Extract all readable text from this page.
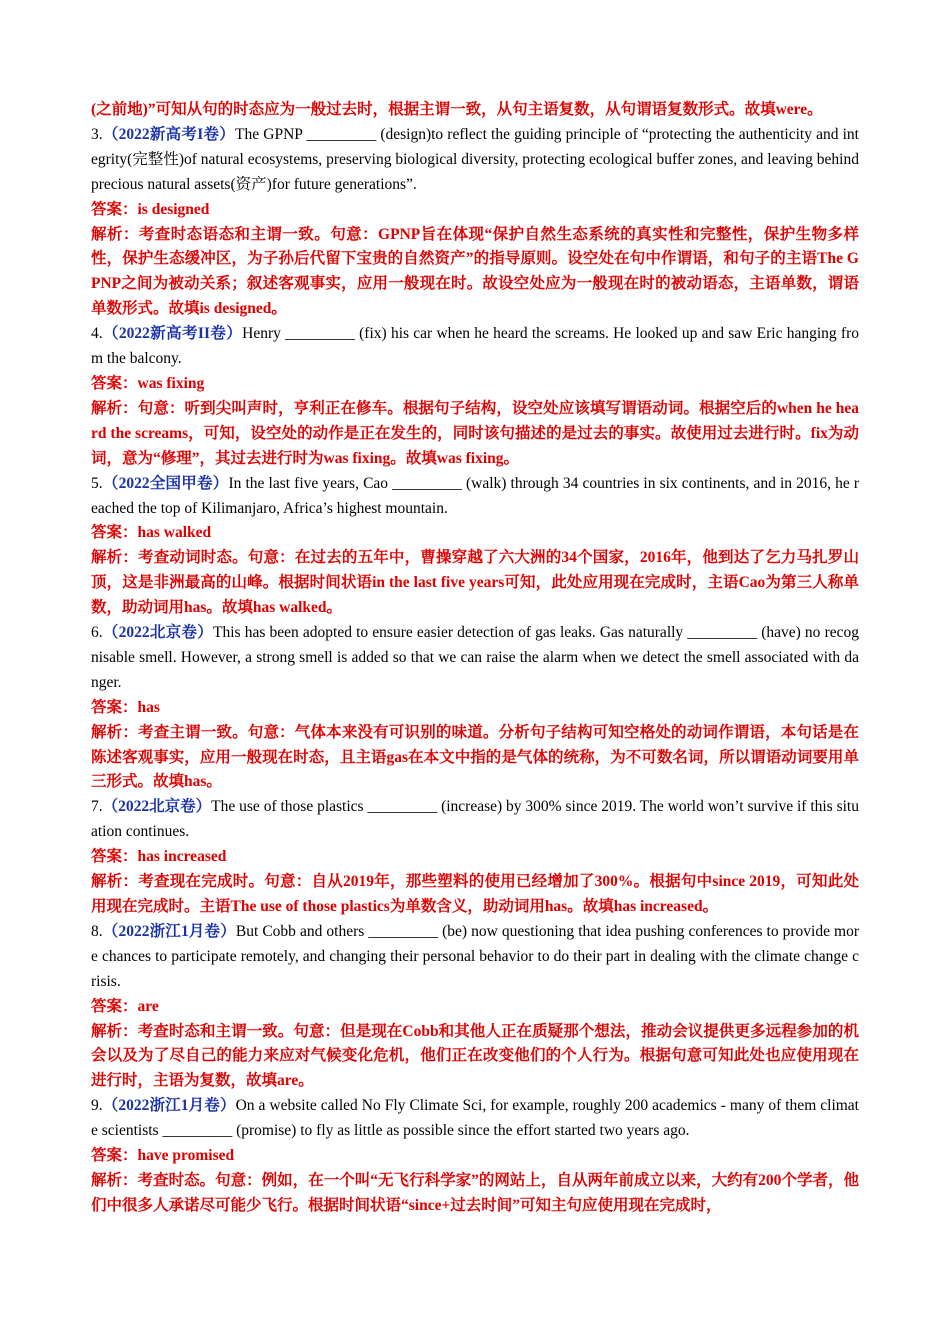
(之前地)”可知从句的时态应为一般过去时，根据主谓一致，从句主语复数，从句谓语复数形式。故填were。

3.（2022新高考I卷）The GPNP _________ (design)to reflect the guiding principle of “protecting the authenticity and integrity(完整性)of natural ecosystems, preserving biological diversity, protecting ecological buffer zones, and leaving behind precious natural assets(资产)for future generations”.

答案：is designed

解析：考查时态语态和主谓一致。句意：GPNP旨在体现“保护自然生态系统的真实性和完整性，保护生物多样性，保护生态缓冲区，为子孙后代留下宝贵的自然资产”的指导原则。设空处在句中作谓语，和句子的主语The GPNP之间为被动关系；叙述客观事实，应用一般现在时。故设空处应为一般现在时的被动语态，主语单数，谓语单数形式。故填is designed。

4.（2022新高考II卷）Henry _________ (fix) his car when he heard the screams. He looked up and saw Eric hanging from the balcony.

答案：was fixing

解析：句意：听到尖叫声时，亨利正在修车。根据句子结构，设空处应该填写谓语动词。根据空后的when he heard the screams，可知，设空处的动作是正在发生的，同时该句描述的是过去的事实。故使用过去进行时。fix为动词，意为“修理”，其过去进行时为was fixing。故填was fixing。

5.（2022全国甲卷）In the last five years, Cao _________ (walk) through 34 countries in six continents, and in 2016, he reached the top of Kilimanjaro, Africa’s highest mountain.

答案：has walked

解析：考查动词时态。句意：在过去的五年中，曹操穿越了六大洲的34个国家，2016年，他到达了乞力马扎罗山顶，这是非洲最高的山峰。根据时间状语in the last five years可知，此处应用现在完成时，主语Cao为第三人称单数，助动词用has。故填has walked。

6.（2022北京卷）This has been adopted to ensure easier detection of gas leaks. Gas naturally _________ (have) no recognisable smell. However, a strong smell is added so that we can raise the alarm when we detect the smell associated with danger.

答案：has

解析：考查主谓一致。句意：气体本来没有可识别的味道。分析句子结构可知空格处的动词作谓语，本句话是在陈述客观事实，应用一般现在时态，且主语gas在本文中指的是气体的统称，为不可数名词，所以谓语动词要用单三形式。故填has。

7.（2022北京卷）The use of those plastics _________ (increase) by 300% since 2019. The world won’t survive if this situation continues.

答案：has increased

解析：考查现在完成时。句意：自从2019年，那些塑料的使用已经增加了300%。根据句中since 2019，可知此处用现在完成时。主语The use of those plastics为单数含义，助动词用has。故填has increased。

8.（2022浙江1月卷）But Cobb and others _________ (be) now questioning that idea pushing conferences to provide more chances to participate remotely, and changing their personal behavior to do their part in dealing with the climate change crisis.

答案：are

解析：考查时态和主谓一致。句意：但是现在Cobb和其他人正在质疑那个想法，推动会议提供更多远程参加的机会以及为了尽自己的能力来应对气候变化危机，他们正在改变他们的个人行为。根据句意可知此处也应使用现在进行时，主语为复数，故填are。

9.（2022浙江1月卷）On a website called No Fly Climate Sci, for example, roughly 200 academics - many of them climate scientists _________ (promise) to fly as little as possible since the effort started two years ago.

答案：have promised

解析：考查时态。句意：例如，在一个叫“无飞行科学家”的网站上，自从两年前成立以来，大约有200个学者，他们中很多人承诺尽可能少飞行。根据时间状语“since+过去时间”可知主句应使用现在完成时，
